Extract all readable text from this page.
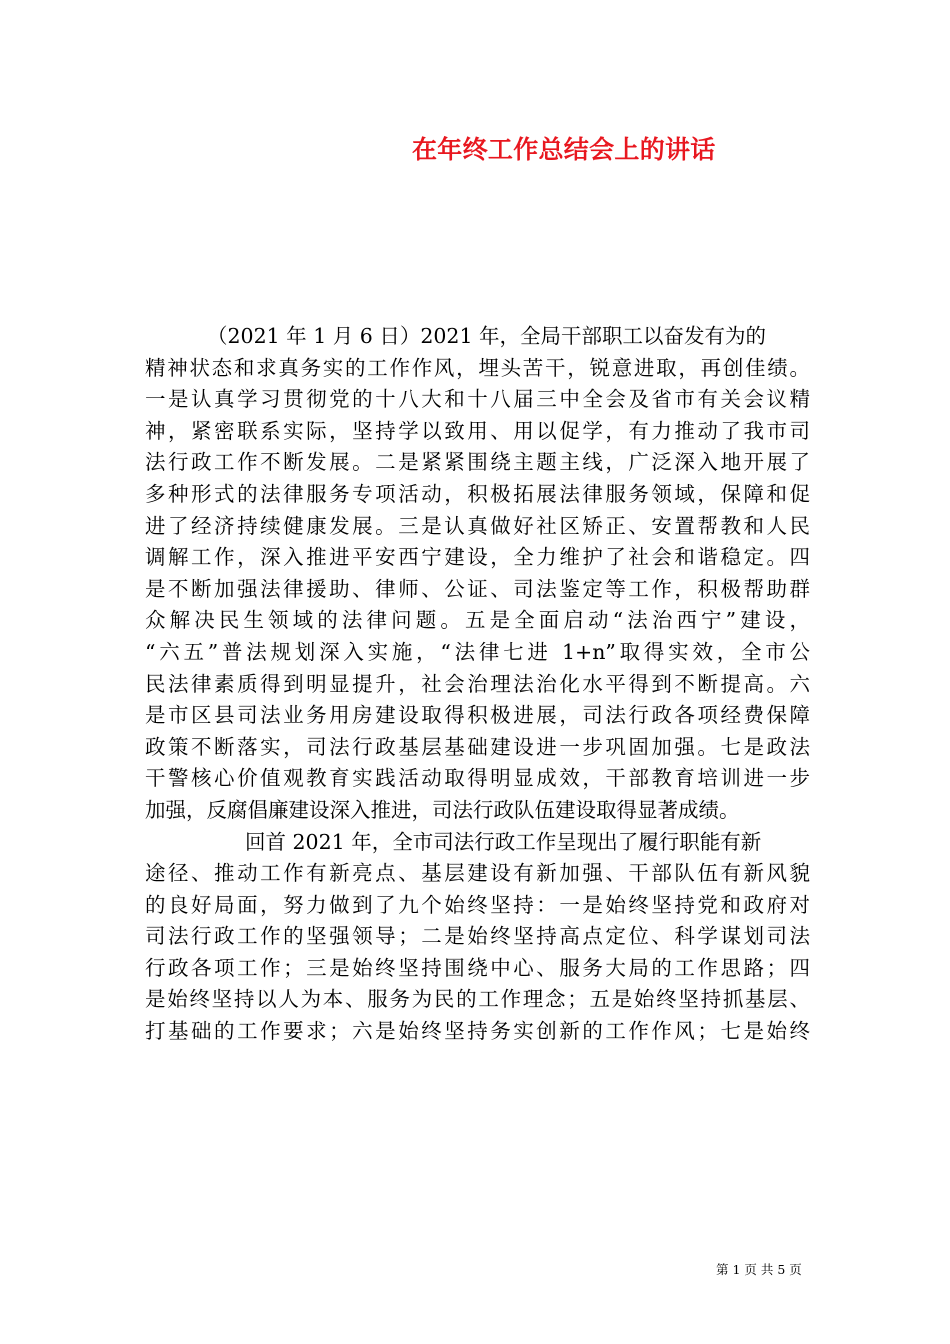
在年终工作总结会上的讲话
（2021 年 1 月 6 日）2021 年，全局干部职工以奋发有为的
精神状态和求真务实的工作作风，埋头苦干，锐意进取，再创佳绩。
一是认真学习贯彻党的十八大和十八届三中全会及省市有关会议精
神，紧密联系实际，坚持学以致用、用以促学，有力推动了我市司
法行政工作不断发展。二是紧紧围绕主题主线，广泛深入地开展了
多种形式的法律服务专项活动，积极拓展法律服务领域，保障和促
进了经济持续健康发展。三是认真做好社区矫正、安置帮教和人民
调解工作，深入推进平安西宁建设，全力维护了社会和谐稳定。四
是不断加强法律援助、律师、公证、司法鉴定等工作，积极帮助群
众解决民生领域的法律问题。五是全面启动“法治西宁”建设，
“六五”普法规划深入实施，“法律七进 1+n”取得实效，全市公
民法律素质得到明显提升，社会治理法治化水平得到不断提高。六
是市区县司法业务用房建设取得积极进展，司法行政各项经费保障
政策不断落实，司法行政基层基础建设进一步巩固加强。七是政法
干警核心价值观教育实践活动取得明显成效，干部教育培训进一步
加强，反腐倡廉建设深入推进，司法行政队伍建设取得显著成绩。
回首 2021 年，全市司法行政工作呈现出了履行职能有新
途径、推动工作有新亮点、基层建设有新加强、干部队伍有新风貌
的良好局面，努力做到了九个始终坚持：一是始终坚持党和政府对
司法行政工作的坚强领导；二是始终坚持高点定位、科学谋划司法
行政各项工作；三是始终坚持围绕中心、服务大局的工作思路；四
是始终坚持以人为本、服务为民的工作理念；五是始终坚持抓基层、
打基础的工作要求；六是始终坚持务实创新的工作作风；七是始终
第 1 页 共 5 页
